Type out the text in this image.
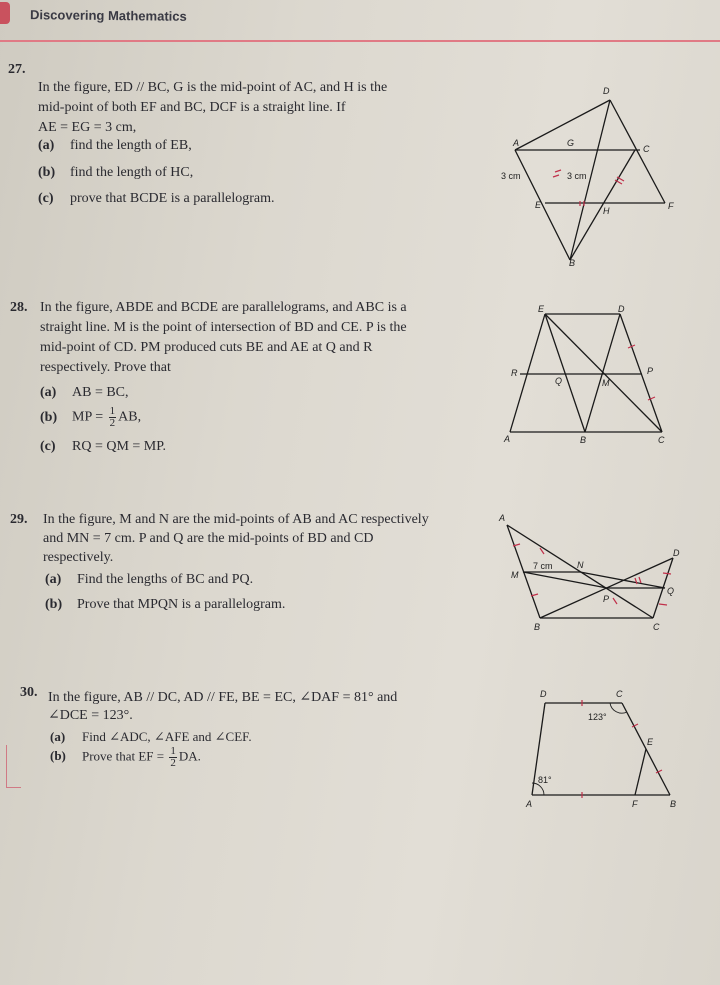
Discovering Mathematics
27.
In the figure, ED // BC, G is the mid-point of AC, and H is the
mid-point of both EF and BC, DCF is a straight line. If
AE = EG = 3 cm,
(a) find the length of EB,
(b) find the length of HC,
(c) prove that BCDE is a parallelogram.
A	G
D
C
E
H	F
B
3 cm	3 cm
28. In the figure, ABDE and BCDE are parallelograms, and ABC is a
straight line. M is the point of intersection of BD and CE. P is the
mid-point of CD. PM produced cuts BE and AE at Q and R
respectively. Prove that
(a) AB = BC,
(b) MP = $\frac{1}{2}$ AB,
(c) RQ = QM = MP.
E	D
R
Q	M
P
A	B	C
29. In the figure, M and N are the mid-points of AB and AC respectively
and MN = 7 cm. P and Q are the mid-points of BD and CD
respectively.
(a) Find the lengths of BC and PQ.
(b) Prove that MPQN is a parallelogram.
A
D
M
N
Q
P
B	C
7 cm
30. In the figure, AB // DC, AD // FE, BE = EC, ∠DAF = 81° and
∠DCE = 123°.
(a) Find ∠ADC, ∠AFE and ∠CEF.
(b) Prove that EF = $\frac{1}{2}$ DA.
D	C
E
A	F	B
123°
81°
